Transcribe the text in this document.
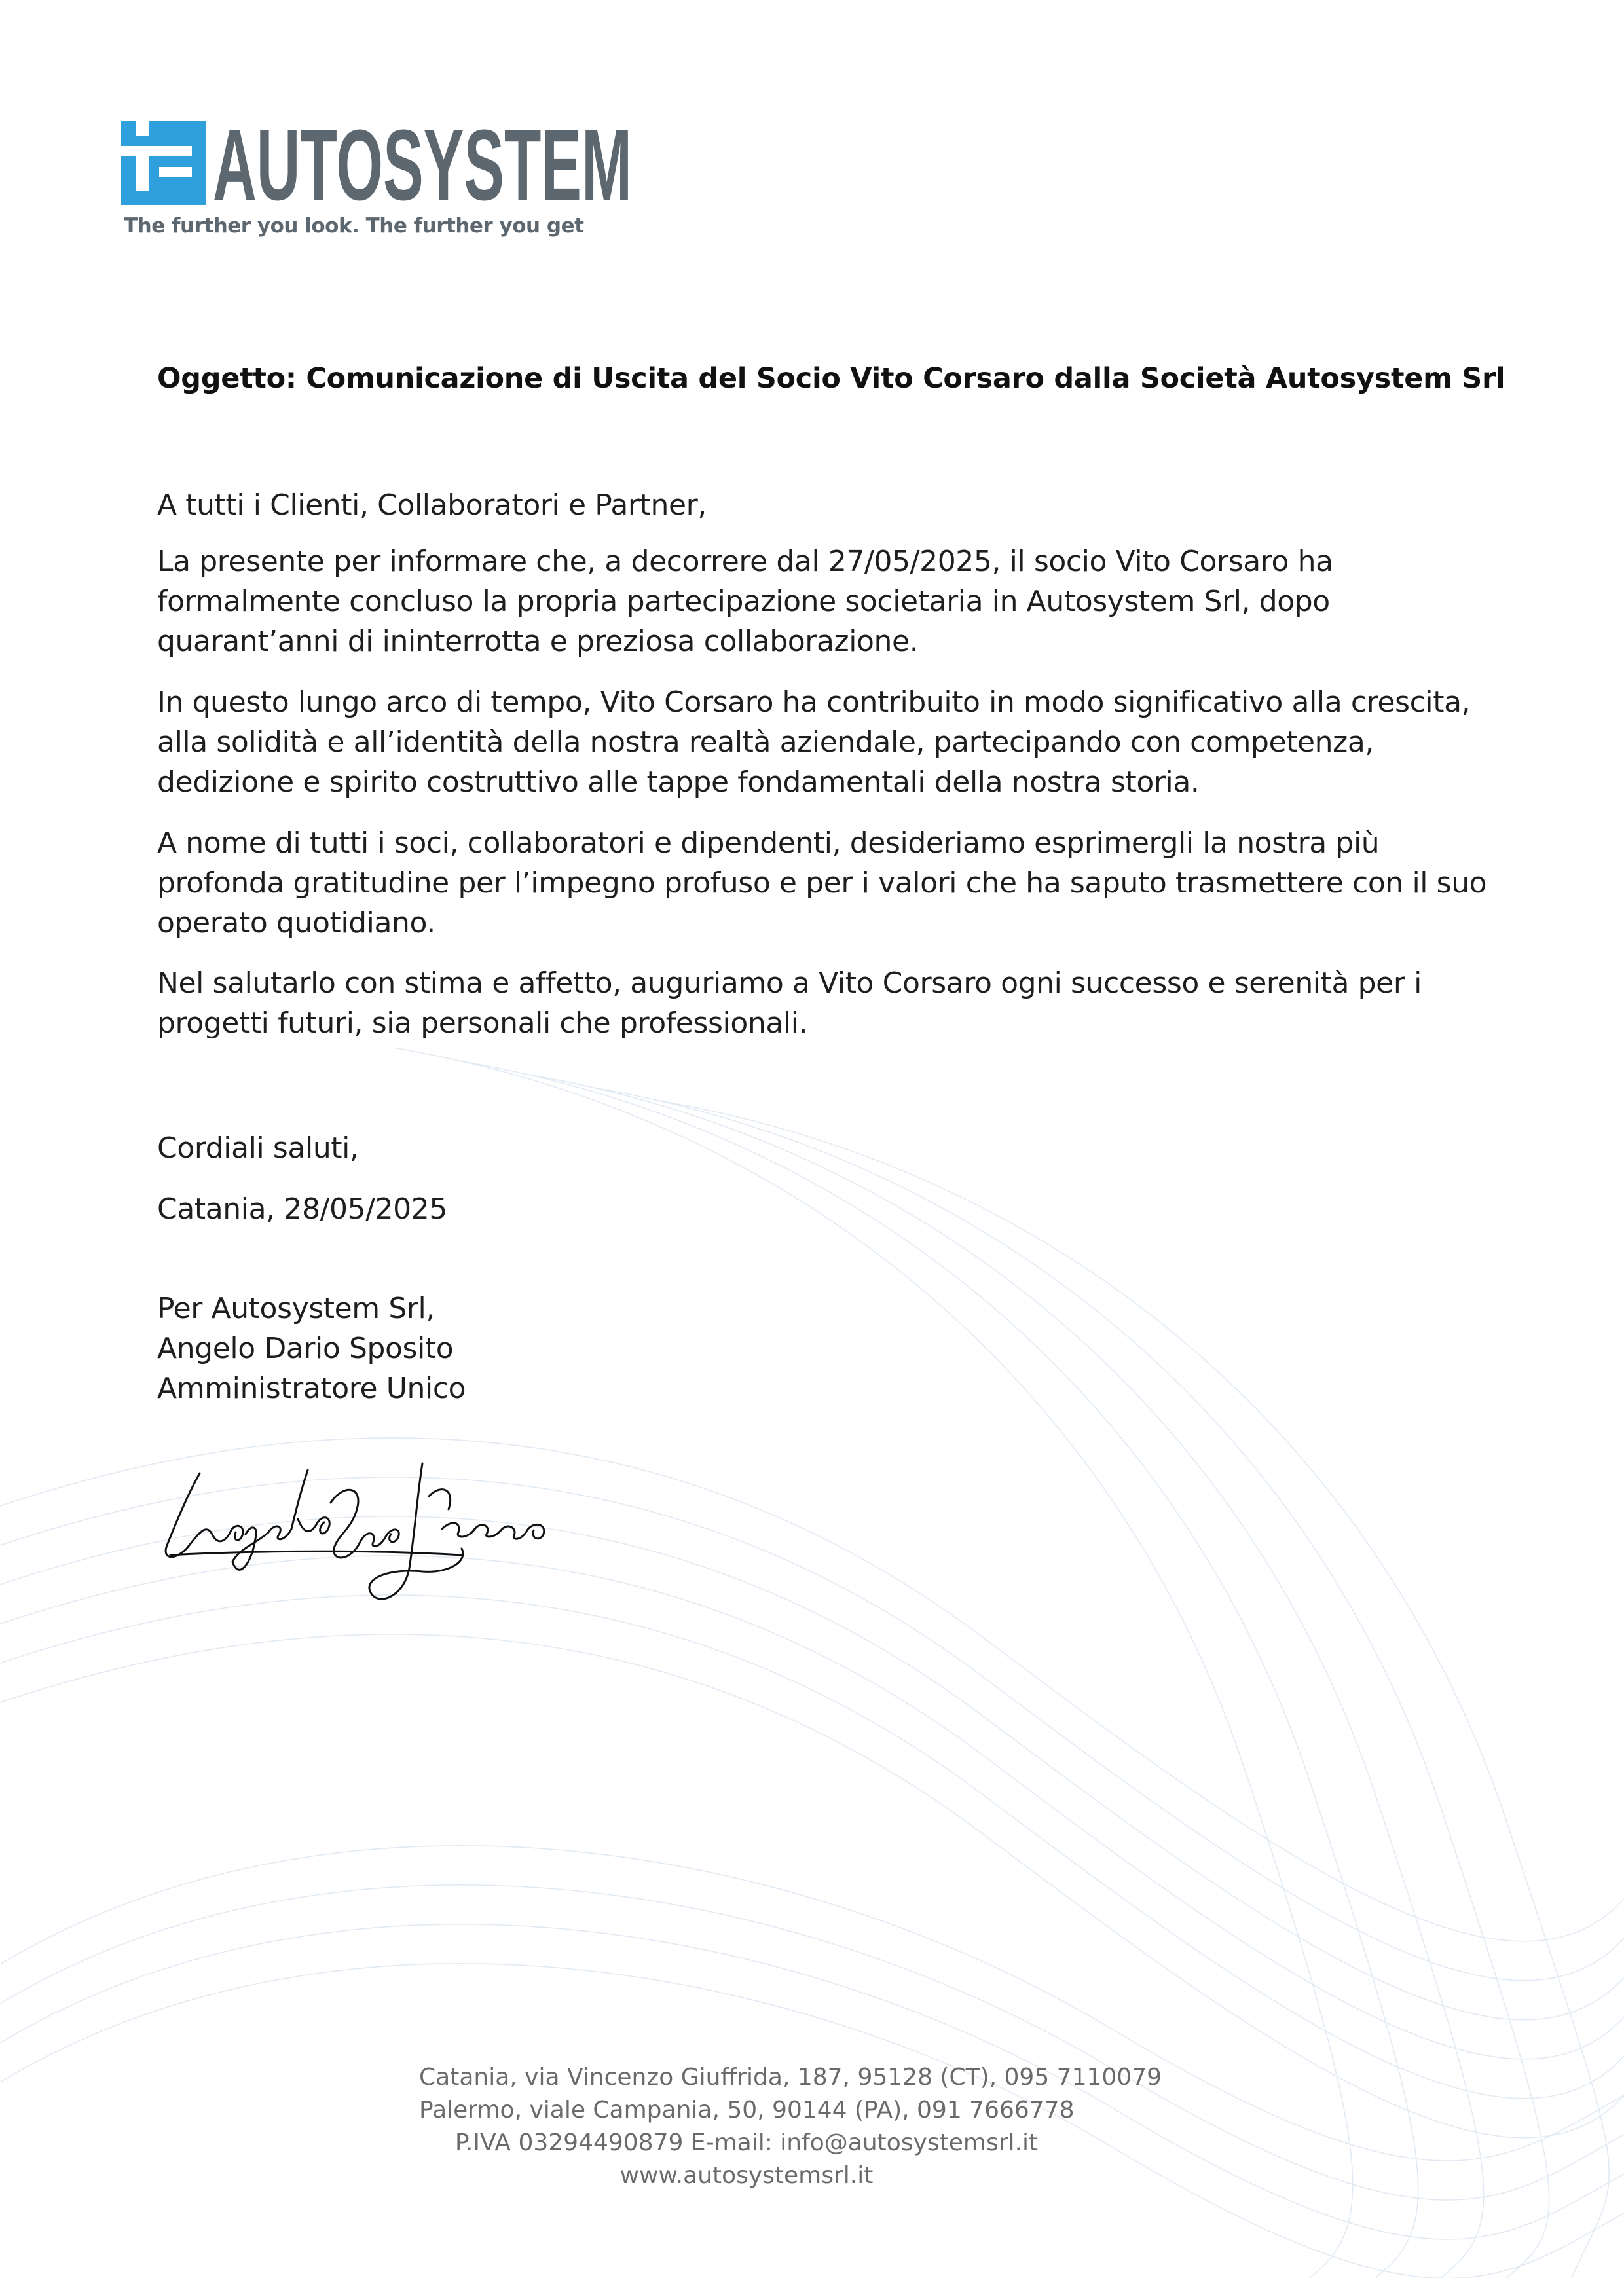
AUTOSYSTEM
The further you look. The further you get
Oggetto: Comunicazione di Uscita del Socio Vito Corsaro dalla Società Autosystem Srl
A tutti i Clienti, Collaboratori e Partner,

La presente per informare che, a decorrere dal 27/05/2025, il socio Vito Corsaro ha formalmente concluso la propria partecipazione societaria in Autosystem Srl, dopo quarant’anni di ininterrotta e preziosa collaborazione.

In questo lungo arco di tempo, Vito Corsaro ha contribuito in modo significativo alla crescita, alla solidità e all’identità della nostra realtà aziendale, partecipando con competenza, dedizione e spirito costruttivo alle tappe fondamentali della nostra storia.

A nome di tutti i soci, collaboratori e dipendenti, desideriamo esprimergli la nostra più profonda gratitudine per l’impegno profuso e per i valori che ha saputo trasmettere con il suo operato quotidiano.

Nel salutarlo con stima e affetto, auguriamo a Vito Corsaro ogni successo e serenità per i progetti futuri, sia personali che professionali.

Cordiali saluti,
Catania, 28/05/2025
Per Autosystem Srl,
Angelo Dario Sposito
Amministratore Unico
Catania, via Vincenzo Giuffrida, 187, 95128 (CT), 095 7110079
Palermo, viale Campania, 50, 90144 (PA), 091 7666778
P.IVA 03294490879 E-mail: info@autosystemsrl.it
www.autosystemsrl.it
